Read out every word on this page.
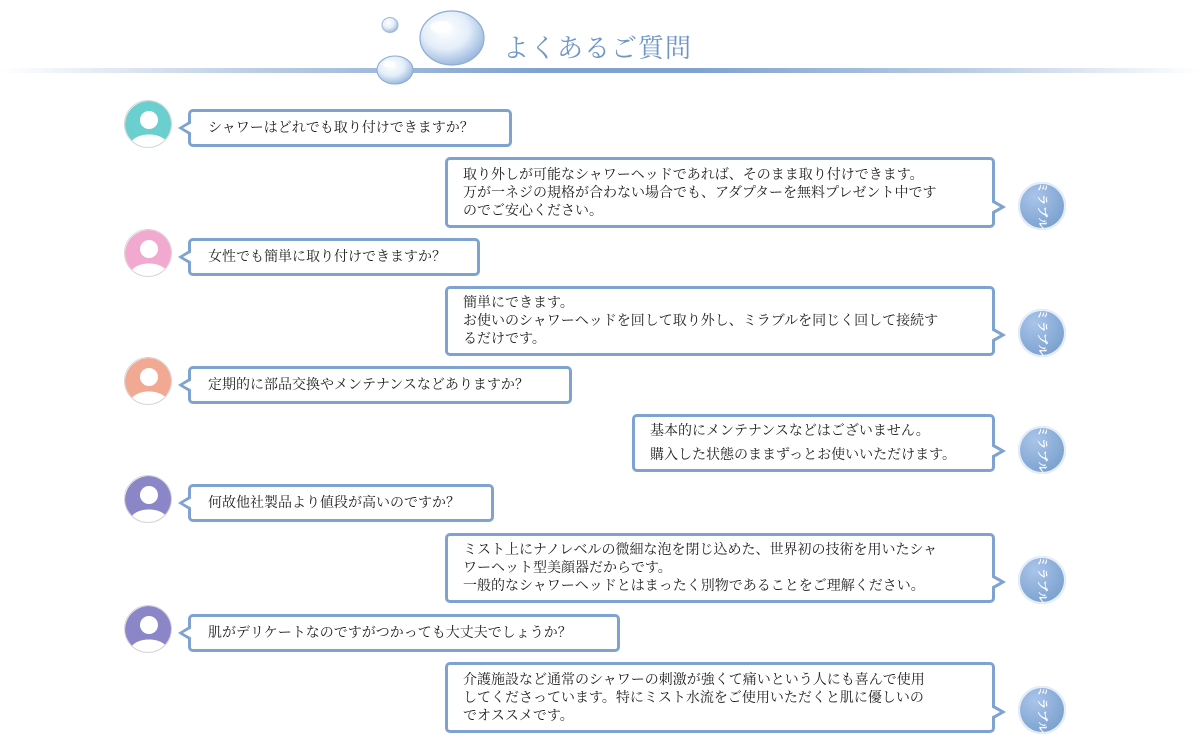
よくあるご質問
シャワーはどれでも取り付けできますか？
取り外しが可能なシャワーヘッドであれば、そのまま取り付けできます。
万が一ネジの規格が合わない場合でも、アダプターを無料プレゼント中です
のでご安心ください。	ミラブル
女性でも簡単に取り付けできますか？
簡単にできます。
お使いのシャワーヘッドを回して取り外し、ミラブルを同じく回して接続す
るだけです。	ミラブル
定期的に部品交換やメンテナンスなどありますか？
基本的にメンテナンスなどはございません。
購入した状態のままずっとお使いいただけます。	ミラブル
何故他社製品より値段が高いのですか？
ミスト上にナノレベルの微細な泡を閉じ込めた、世界初の技術を用いたシャ
ワーヘット型美顔器だからです。
一般的なシャワーヘッドとはまったく別物であることをご理解ください。	ミラブル
肌がデリケートなのですがつかっても大丈夫でしょうか？
介護施設など通常のシャワーの刺激が強くて痛いという人にも喜んで使用
してくださっています。特にミスト水流をご使用いただくと肌に優しいの
でオススメです。	ミラブル
